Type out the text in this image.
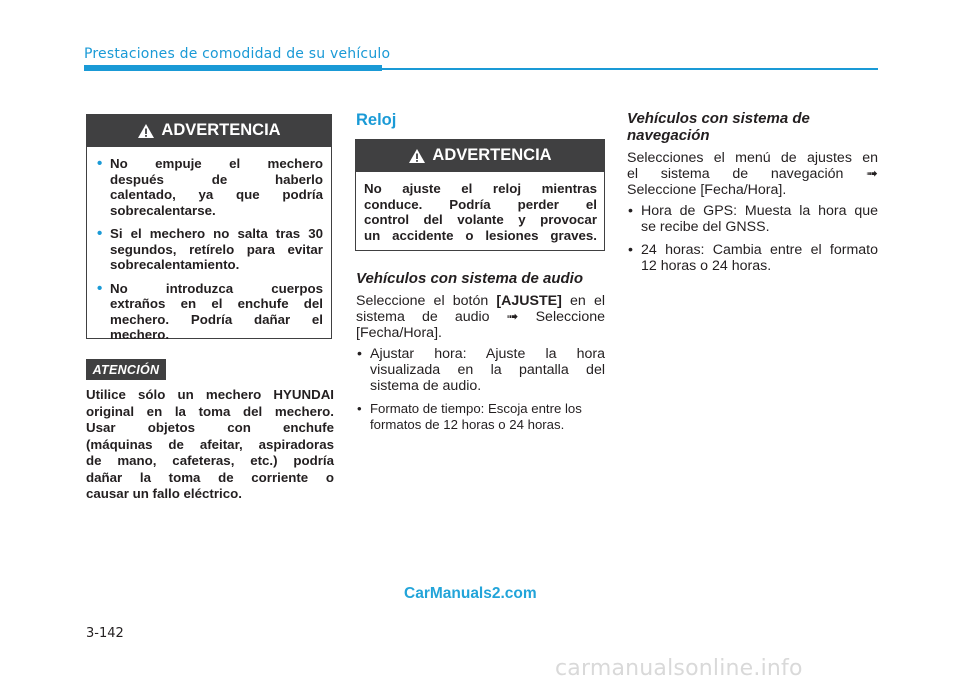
Prestaciones de comodidad de su vehículo
ADVERTENCIA
• No empuje el mechero
después de haberlo
calentado, ya que podría
sobrecalentarse.
• Si el mechero no salta tras 30
segundos, retírelo para evitar
sobrecalentamiento.
• No introduzca cuerpos
extraños en el enchufe del
mechero. Podría dañar el
mechero.
ATENCIÓN
Utilice sólo un mechero HYUNDAI
original en la toma del mechero.
Usar objetos con enchufe
(máquinas de afeitar, aspiradoras
de mano, cafeteras, etc.) podría
dañar la toma de corriente o
causar un fallo eléctrico.
Reloj
ADVERTENCIA
No ajuste el reloj mientras
conduce. Podría perder el
control del volante y provocar
un accidente o lesiones graves.
Vehículos con sistema de audio
Seleccione el botón [AJUSTE] en el
sistema de audio ➟ Seleccione
[Fecha/Hora].
• Ajustar hora: Ajuste la hora
visualizada en la pantalla del
sistema de audio.
• Formato de tiempo: Escoja entre los
formatos de 12 horas o 24 horas.
Vehículos con sistema de navegación
Selecciones el menú de ajustes en
el sistema de navegación ➟
Seleccione [Fecha/Hora].
• Hora de GPS: Muesta la hora que
se recibe del GNSS.
• 24 horas: Cambia entre el formato
12 horas o 24 horas.
CarManuals2.com
3-142
carmanualsonline.info
